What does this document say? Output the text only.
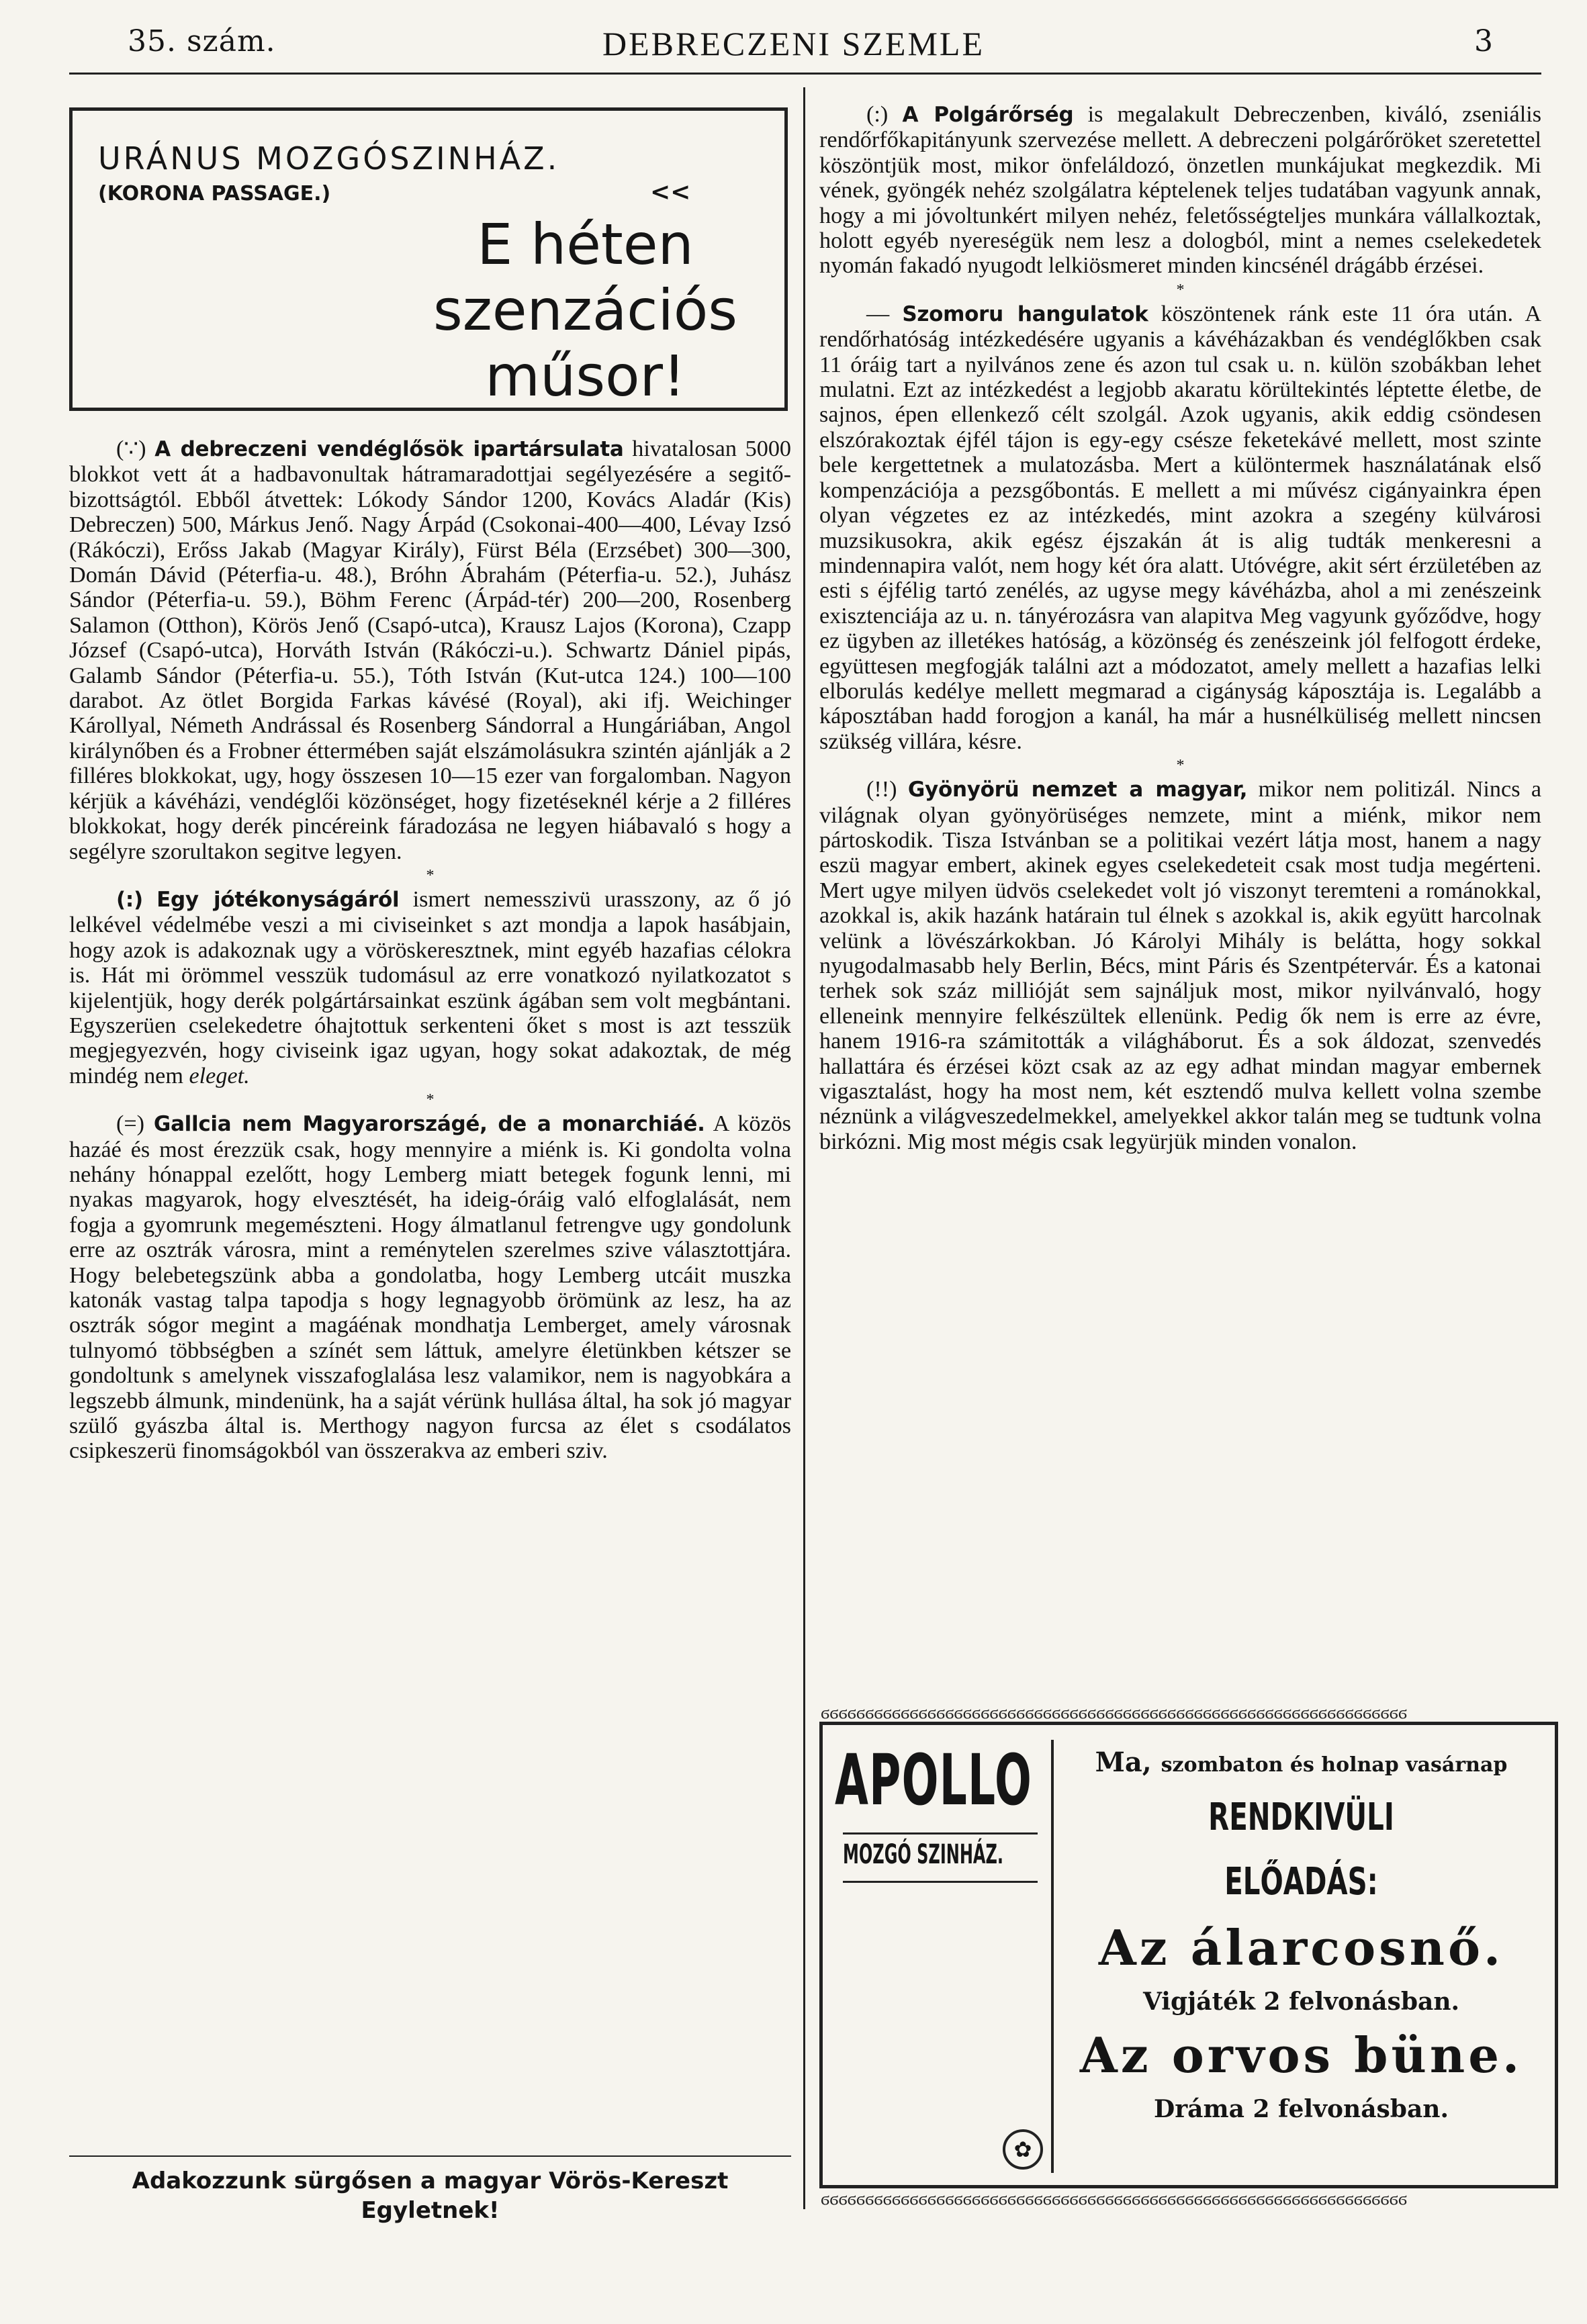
35. szám.	DEBRECZENI SZEMLE	3
URÁNUS MOZGÓSZINHÁZ.
(KORONA PASSAGE.)	<<
E héten
szenzációs
műsor!

(∵) A debreczeni vendéglősök ipartársulata hivatalosan 5000 blokkot vett át a hadbavonultak hátramaradottjai segélyezésére a segitő-bizottságtól. Ebből átvettek: Lókody Sándor 1200, Kovács Aladár (Kis) Debreczen) 500, Márkus Jenő. Nagy Árpád (Csokonai-400—400, Lévay Izsó (Rákóczi), Erőss Jakab (Magyar Király), Fürst Béla (Erzsébet) 300—300, Domán Dávid (Péterfia-u. 48.), Bróhn Ábrahám (Péterfia-u. 52.), Juhász Sándor (Péterfia-u. 59.), Böhm Ferenc (Árpád-tér) 200—200, Rosenberg Salamon (Otthon), Körös Jenő (Csapó-utca), Krausz Lajos (Korona), Czapp József (Csapó-utca), Horváth István (Rákóczi-u.). Schwartz Dániel pipás, Galamb Sándor (Péterfia-u. 55.), Tóth István (Kut-utca 124.) 100—100 darabot. Az ötlet Borgida Farkas kávésé (Royal), aki ifj. Weichinger Károllyal, Németh Andrással és Rosenberg Sándorral a Hungáriában, Angol királynőben és a Frobner éttermében saját elszámolásukra szintén ajánlják a 2 filléres blokkokat, ugy, hogy összesen 10—15 ezer van forgalomban. Nagyon kérjük a kávéházi, vendéglői közönséget, hogy fizetéseknél kérje a 2 filléres blokkokat, hogy derék pincéreink fáradozása ne legyen hiábavaló s hogy a segélyre szorultakon segitve legyen.

*

(:) Egy jótékonyságáról ismert nemesszivü urasszony, az ő jó lelkével védelmébe veszi a mi civiseinket s azt mondja a lapok hasábjain, hogy azok is adakoznak ugy a vöröskeresztnek, mint egyéb hazafias célokra is. Hát mi örömmel vesszük tudomásul az erre vonatkozó nyilatkozatot s kijelentjük, hogy derék polgártársainkat eszünk ágában sem volt megbántani. Egyszerüen cselekedetre óhajtottuk serkenteni őket s most is azt tesszük megjegyezvén, hogy civiseink igaz ugyan, hogy sokat adakoztak, de még mindég nem eleget.

*

(=) Gallcia nem Magyarországé, de a monarchiáé. A közös hazáé és most érezzük csak, hogy mennyire a miénk is. Ki gondolta volna nehány hónappal ezelőtt, hogy Lemberg miatt betegek fogunk lenni, mi nyakas magyarok, hogy elvesztését, ha ideig-óráig való elfoglalását, nem fogja a gyomrunk megemészteni. Hogy álmatlanul fetrengve ugy gondolunk erre az osztrák városra, mint a reménytelen szerelmes szive választottjára. Hogy belebetegszünk abba a gondolatba, hogy Lemberg utcáit muszka katonák vastag talpa tapodja s hogy legnagyobb örömünk az lesz, ha az osztrák sógor megint a magáénak mondhatja Lemberget, amely városnak tulnyomó többségben a színét sem láttuk, amelyre életünkben kétszer se gondoltunk s amelynek visszafoglalása lesz valamikor, nem is nagyobkára a legszebb álmunk, mindenünk, ha a saját vérünk hullása által, ha sok jó magyar szülő gyászba által is. Merthogy nagyon furcsa az élet s csodálatos csipkeszerü finomságokból van összerakva az emberi sziv.

Adakozzunk sürgősen a magyar Vörös-Kereszt
Egyletnek!

(:) A Polgárőrség is megalakult Debreczenben, kiváló, zseniális rendőrfőkapitányunk szervezése mellett. A debreczeni polgárőröket szeretettel köszöntjük most, mikor önfeláldozó, önzetlen munkájukat megkezdik. Mi vének, gyöngék nehéz szolgálatra képtelenek teljes tudatában vagyunk annak, hogy a mi jóvoltunkért milyen nehéz, feletősségteljes munkára vállalkoztak, holott egyéb nyereségük nem lesz a dologból, mint a nemes cselekedetek nyomán fakadó nyugodt lelkiösmeret minden kincsénél drágább érzései.

*

— Szomoru hangulatok köszöntenek ránk este 11 óra után. A rendőrhatóság intézkedésére ugyanis a kávéházakban és vendéglőkben csak 11 óráig tart a nyilvános zene és azon tul csak u. n. külön szobákban lehet mulatni. Ezt az intézkedést a legjobb akaratu körültekintés léptette életbe, de sajnos, épen ellenkező célt szolgál. Azok ugyanis, akik eddig csöndesen elszórakoztak éjfél tájon is egy-egy csésze feketekávé mellett, most szinte bele kergettetnek a mulatozásba. Mert a különtermek használatának első kompenzációja a pezsgőbontás. E mellett a mi művész cigányainkra épen olyan végzetes ez az intézkedés, mint azokra a szegény külvárosi muzsikusokra, akik egész éjszakán át is alig tudták menkeresni a mindennapira valót, nem hogy két óra alatt. Utóvégre, akit sért érzületében az esti s éjfélig tartó zenélés, az ugyse megy kávéházba, ahol a mi zenészeink exisztenciája az u. n. tányérozásra van alapitva Meg vagyunk győződve, hogy ez ügyben az illetékes hatóság, a közönség és zenészeink jól felfogott érdeke, együttesen megfogják találni azt a módozatot, amely mellett a hazafias lelki elborulás kedélye mellett megmarad a cigányság káposztája is. Legalább a káposztában hadd forogjon a kanál, ha már a husnélküliség mellett nincsen szükség villára, késre.

*

(!!) Gyönyörü nemzet a magyar, mikor nem politizál. Nincs a világnak olyan gyönyörüséges nemzete, mint a miénk, mikor nem pártoskodik. Tisza Istvánban se a politikai vezért látja most, hanem a nagy eszü magyar embert, akinek egyes cselekedeteit csak most tudja megérteni. Mert ugye milyen üdvös cselekedet volt jó viszonyt teremteni a románokkal, azokkal is, akik hazánk határain tul élnek s azokkal is, akik együtt harcolnak velünk a lövészárkokban. Jó Károlyi Mihály is belátta, hogy sokkal nyugodalmasabb hely Berlin, Bécs, mint Páris és Szentpétervár. És a katonai terhek sok száz millióját sem sajnáljuk most, mikor nyilvánvaló, hogy elleneink mennyire felkészültek ellenünk. Pedig ők nem is erre az évre, hanem 1916-ra számitották a világháborut. És a sok áldozat, szenvedés hallattára és érzései közt csak az az egy adhat mindan magyar embernek vigasztalást, hogy ha most nem, két esztendő mulva kellett volna szembe néznünk a világveszedelmekkel, amelyekkel akkor talán meg se tudtunk volna birkózni. Mig most mégis csak legyürjük minden vonalon.

APOLLO
MOZGÓ SZINHÁZ.
✿
Ma, szombaton és holnap vasárnap
RENDKIVÜLI ELŐADÁS:
Az álarcosnő.
Vigjáték 2 felvonásban.
Az orvos büne.
Dráma 2 felvonásban.
ϭϭϭϭϭϭϭϭϭϭϭϭϭϭϭϭϭϭϭϭϭϭϭϭϭϭϭϭϭϭϭϭϭϭϭϭϭϭϭϭϭϭϭϭϭϭϭϭϭϭϭϭϭϭϭϭϭϭϭϭϭϭϭϭϭϭ
ϭϭϭϭϭϭϭϭϭϭϭϭϭϭϭϭϭϭϭϭϭϭϭϭϭϭϭϭϭϭϭϭϭϭϭϭϭϭϭϭϭϭϭϭϭϭϭϭϭϭϭϭϭϭϭϭϭϭϭϭϭϭϭϭϭϭ
